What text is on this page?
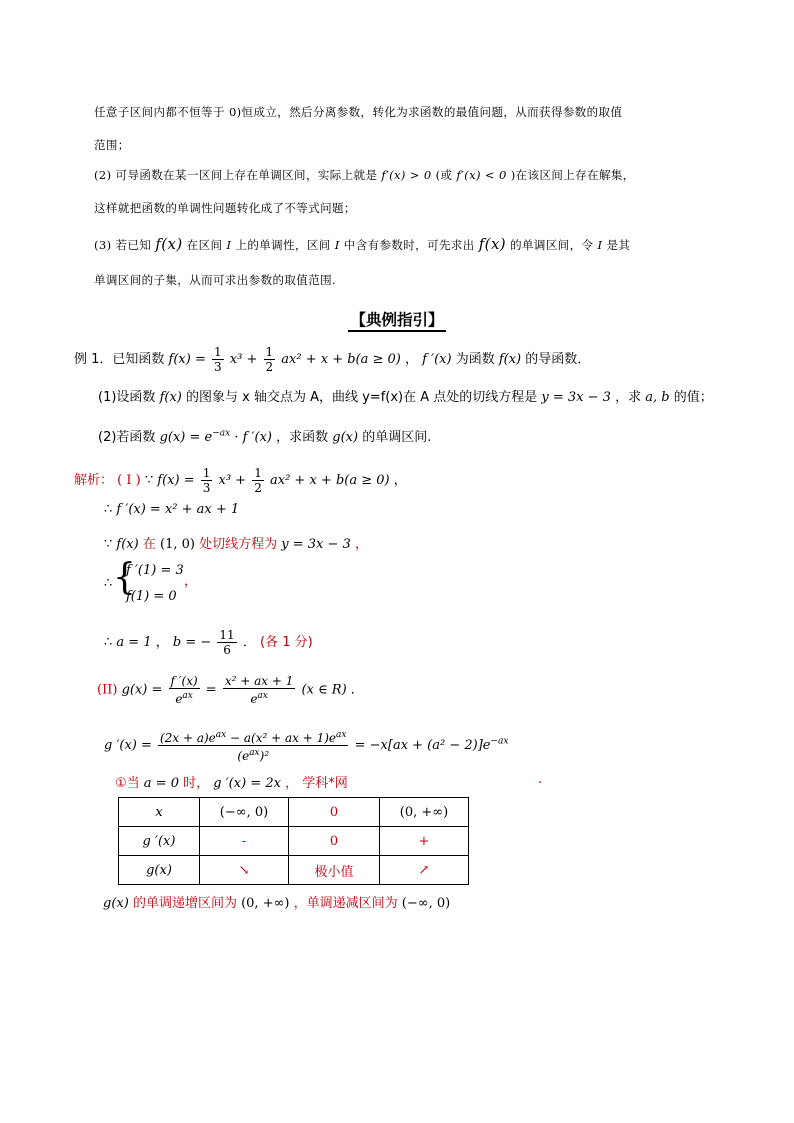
任意子区间内都不恒等于 0)恒成立，然后分离参数，转化为求函数的最值问题，从而获得参数的取值
范围；
(2) 可导函数在某一区间上存在单调区间，实际上就是 f′(x) > 0 (或 f′(x) < 0 )在该区间上存在解集，
这样就把函数的单调性问题转化成了不等式问题；
(3) 若已知 f(x) 在区间 I 上的单调性，区间 I 中含有参数时，可先求出 f(x) 的单调区间，令 I 是其
单调区间的子集，从而可求出参数的取值范围.
【典例指引】
例 1．已知函数 $f(x) = \frac{1}{3} x^3 + \frac{1}{2} ax^2 + x + b(a \ge 0)$ ， f ′(x) 为函数 f(x) 的导函数．
(1)设函数 f(x) 的图象与 x 轴交点为 A，曲线 y=f(x)在 A 点处的切线方程是 y = 3x − 3 ，求 a, b 的值；
(2)若函数 $g(x) = e^{-ax} \cdot f$ ′(x) ，求函数 g(x) 的单调区间.
解析： ( I ) ∵ $f(x) = \frac{1}{3} x^3 + \frac{1}{2} ax^2 + x + b(a \ge 0)$ ，
∴ f ′(x) = x² + ax + 1
∵ f(x) 在 (1, 0) 处切线方程为 y = 3x − 3 ，
∴ {
f ′(1) = 3
f(1) = 0
，
∴ a = 1 ， b = − $\frac{11}{6}$ ． (各 1 分)
(II) $g(x) = \frac{f '(x)}{e^{ax}} = \frac{\text{x² + ax + 1}}{e^{ax}} (x$ ∈ R) ．
g $'(x) = \frac{(2x + a)e^{ax} - a(x^2 + ax + 1)e^{ax}}{(e^{ax})^2} = -x[ax + (a^2 - 2)]e^{-ax}$
①当 a = 0 时， g ′(x) = 2x ， 学科*网	.
x	(−∞, 0)	0	(0, +∞)
g ′(x)	-	0	+
g(x)	↘	极小值	↗
g(x) 的单调递增区间为 (0, +∞) ，单调递减区间为 (−∞, 0)
